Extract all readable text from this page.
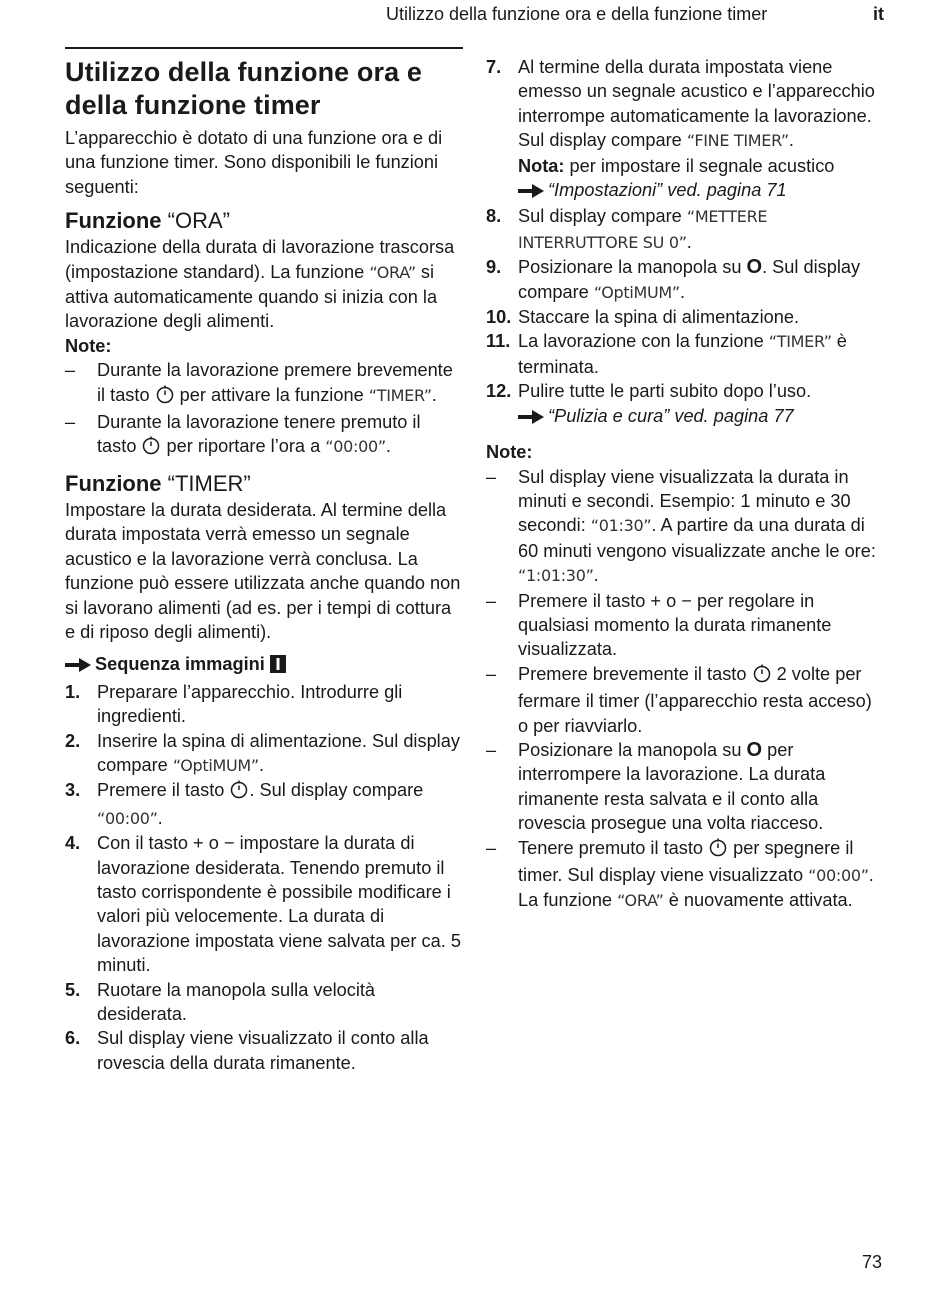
Utilizzo della funzione ora e della funzione timer	it
Utilizzo della funzione ora e della funzione timer

L’apparecchio è dotato di una funzione ora e di una funzione timer. Sono disponibili le funzioni seguenti:

Funzione “ORA”

Indicazione della durata di lavorazione trascorsa (impostazione standard). La funzione “ORA” si attiva automaticamente quando si inizia con la lavorazione degli alimenti.

Note:

– Durante la lavorazione premere brevemente il tasto  per attivare la funzione “TIMER”.
– Durante la lavorazione tenere premuto il tasto  per riportare l’ora a “00:00”.
Funzione “TIMER”

Impostare la durata desiderata. Al termine della durata impostata verrà emesso un segnale acustico e la lavorazione verrà conclusa. La funzione può essere utilizzata anche quando non si lavorano alimenti (ad es. per i tempi di cottura e di riposo degli alimenti).

Sequenza immagini

1. Preparare l’apparecchio. Introdurre gli ingredienti.
2. Inserire la spina di alimentazione. Sul display compare “OptiMUM”.
3. Premere il tasto . Sul display compare “00:00”.
4. Con il tasto + o − impostare la durata di lavorazione desiderata. Tenendo premuto il tasto corrispondente è possibile modificare i valori più velocemente. La durata di lavorazione impostata viene salvata per ca. 5 minuti.
5. Ruotare la manopola sulla velocità desiderata.
6. Sul display viene visualizzato il conto alla rovescia della durata rimanente.
7. Al termine della durata impostata viene emesso un segnale acustico e l’apparecchio interrompe automaticamente la lavorazione. Sul display compare “FINE TIMER”.
Nota: per impostare il segnale acustico
“Impostazioni” ved. pagina 71
8. Sul display compare “METTERE INTERRUTTORE SU 0”.
9. Posizionare la manopola su O. Sul display compare “OptiMUM”.
10. Staccare la spina di alimentazione.
11. La lavorazione con la funzione “TIMER” è terminata.
12. Pulire tutte le parti subito dopo l’uso.
“Pulizia e cura” ved. pagina 77

Note:

– Sul display viene visualizzata la durata in minuti e secondi. Esempio: 1 minuto e 30 secondi: “01:30”. A partire da una durata di 60 minuti vengono visualizzate anche le ore: “1:01:30”.
– Premere il tasto + o − per regolare in qualsiasi momento la durata rimanente visualizzata.
– Premere brevemente il tasto  2 volte per fermare il timer (l’apparecchio resta acceso) o per riavviarlo.
– Posizionare la manopola su O per interrompere la lavorazione. La durata rimanente resta salvata e il conto alla rovescia prosegue una volta riacceso.
– Tenere premuto il tasto  per spegnere il timer. Sul display viene visualizzato “00:00”. La funzione “ORA” è nuovamente attivata.
73
